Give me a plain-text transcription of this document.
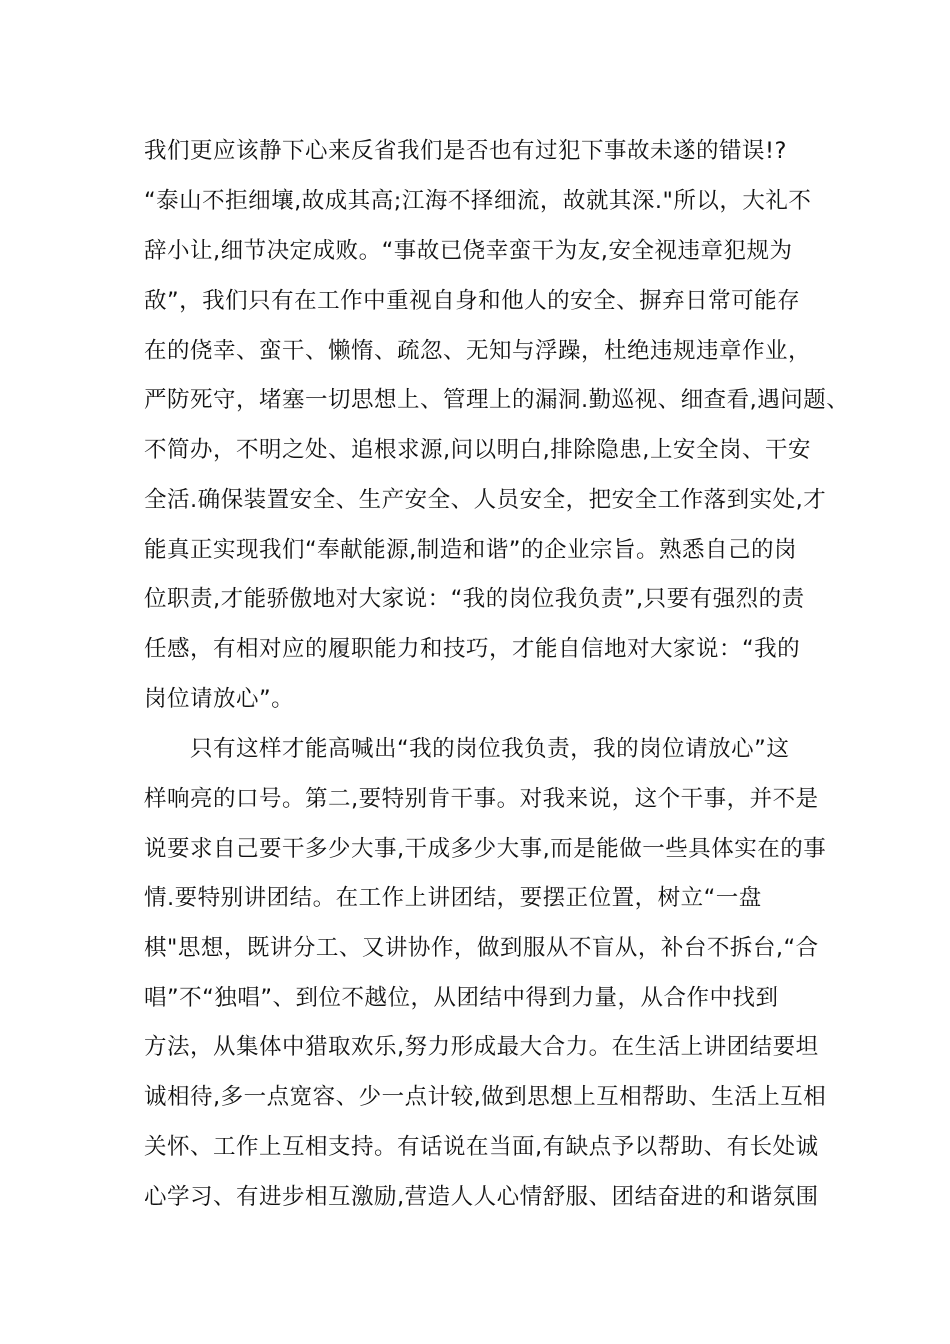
我们更应该静下心来反省我们是否也有过犯下事故未遂的错误!?
“泰山不拒细壤,故成其高;江海不择细流，故就其深."所以，大礼不
辞小让,细节决定成败。“事故已侥幸蛮干为友,安全视违章犯规为
敌”，我们只有在工作中重视自身和他人的安全、摒弃日常可能存
在的侥幸、蛮干、懒惰、疏忽、无知与浮躁，杜绝违规违章作业，
严防死守，堵塞一切思想上、管理上的漏洞.勤巡视、细查看,遇问题、
不简办，不明之处、追根求源,问以明白,排除隐患,上安全岗、干安
全活.确保装置安全、生产安全、人员安全，把安全工作落到实处,才
能真正实现我们“奉献能源,制造和谐”的企业宗旨。熟悉自己的岗
位职责,才能骄傲地对大家说：“我的岗位我负责”,只要有强烈的责
任感，有相对应的履职能力和技巧，才能自信地对大家说：“我的
岗位请放心”。
只有这样才能高喊出“我的岗位我负责，我的岗位请放心”这
样响亮的口号。第二,要特别肯干事。对我来说，这个干事，并不是
说要求自己要干多少大事,干成多少大事,而是能做一些具体实在的事
情.要特别讲团结。在工作上讲团结，要摆正位置，树立“一盘
棋"思想，既讲分工、又讲协作，做到服从不盲从，补台不拆台,“合
唱”不“独唱”、到位不越位，从团结中得到力量，从合作中找到
方法，从集体中猎取欢乐,努力形成最大合力。在生活上讲团结要坦
诚相待,多一点宽容、少一点计较,做到思想上互相帮助、生活上互相
关怀、工作上互相支持。有话说在当面,有缺点予以帮助、有长处诚
心学习、有进步相互激励,营造人人心情舒服、团结奋进的和谐氛围
